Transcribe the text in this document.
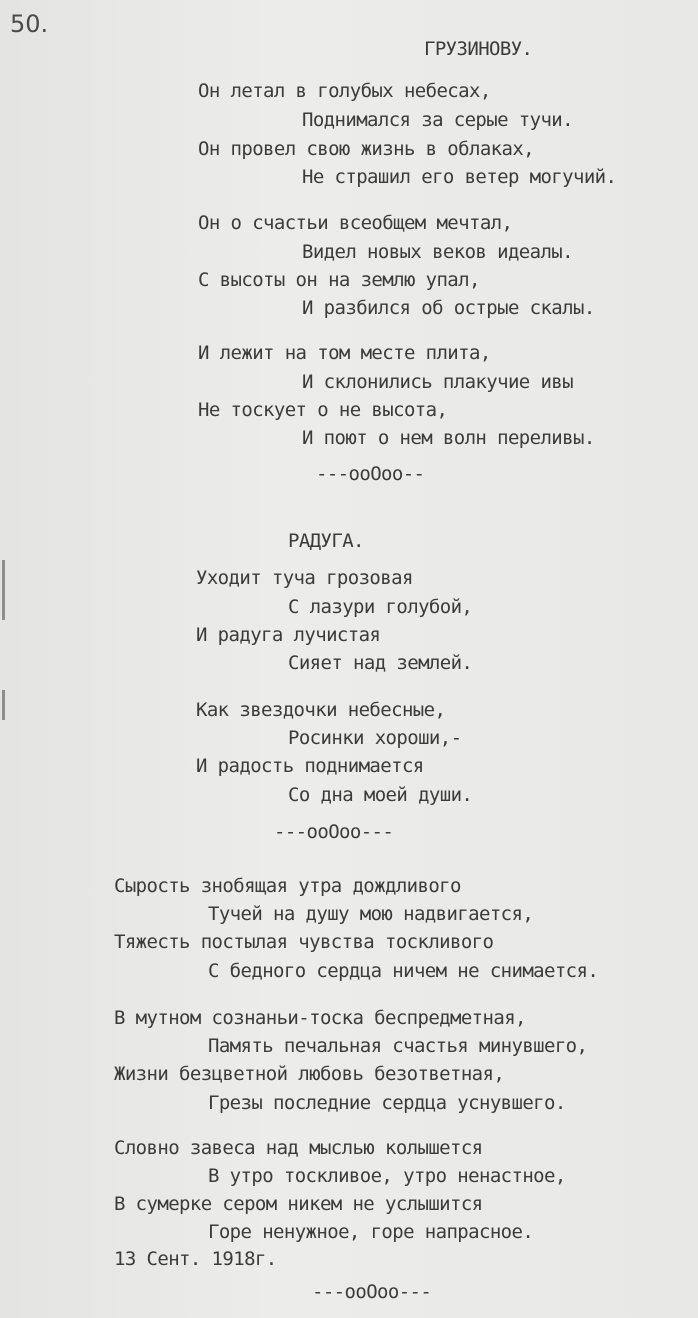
50.
ГРУЗИНОВУ.
Он летал в голубых небесах,
Поднимался за серые тучи.
Он провел свою жизнь в облаках,
Не страшил его ветер могучий.
Он о счастьи всеобщем мечтал,
Видел новых веков идеалы.
С высоты он на землю упал,
И разбился об острые скалы.
И лежит на том месте плита,
И склонились плакучие ивы
Не тоскует о не высота,
И поют о нем волн переливы.
---ooOoo--
РАДУГА.
Уходит туча грозовая
С лазури голубой,
И радуга лучистая
Сияет над землей.
Как звездочки небесные,
Росинки хороши,-
И радость поднимается
Со дна моей души.
---ooOoo---
Сырость знобящая утра дождливого
Тучей на душу мою надвигается,
Тяжесть постылая чувства тоскливого
С бедного сердца ничем не снимается.
В мутном сознаньи-тоска беспредметная,
Память печальная счастья минувшего,
Жизни безцветной любовь безответная,
Грезы последние сердца уснувшего.
Словно завеса над мыслью колышется
В утро тоскливое, утро ненастное,
В сумерке сером никем не услышится
Горе ненужное, горе напрасное.
13 Сент. 1918г.
---ooOoo---
